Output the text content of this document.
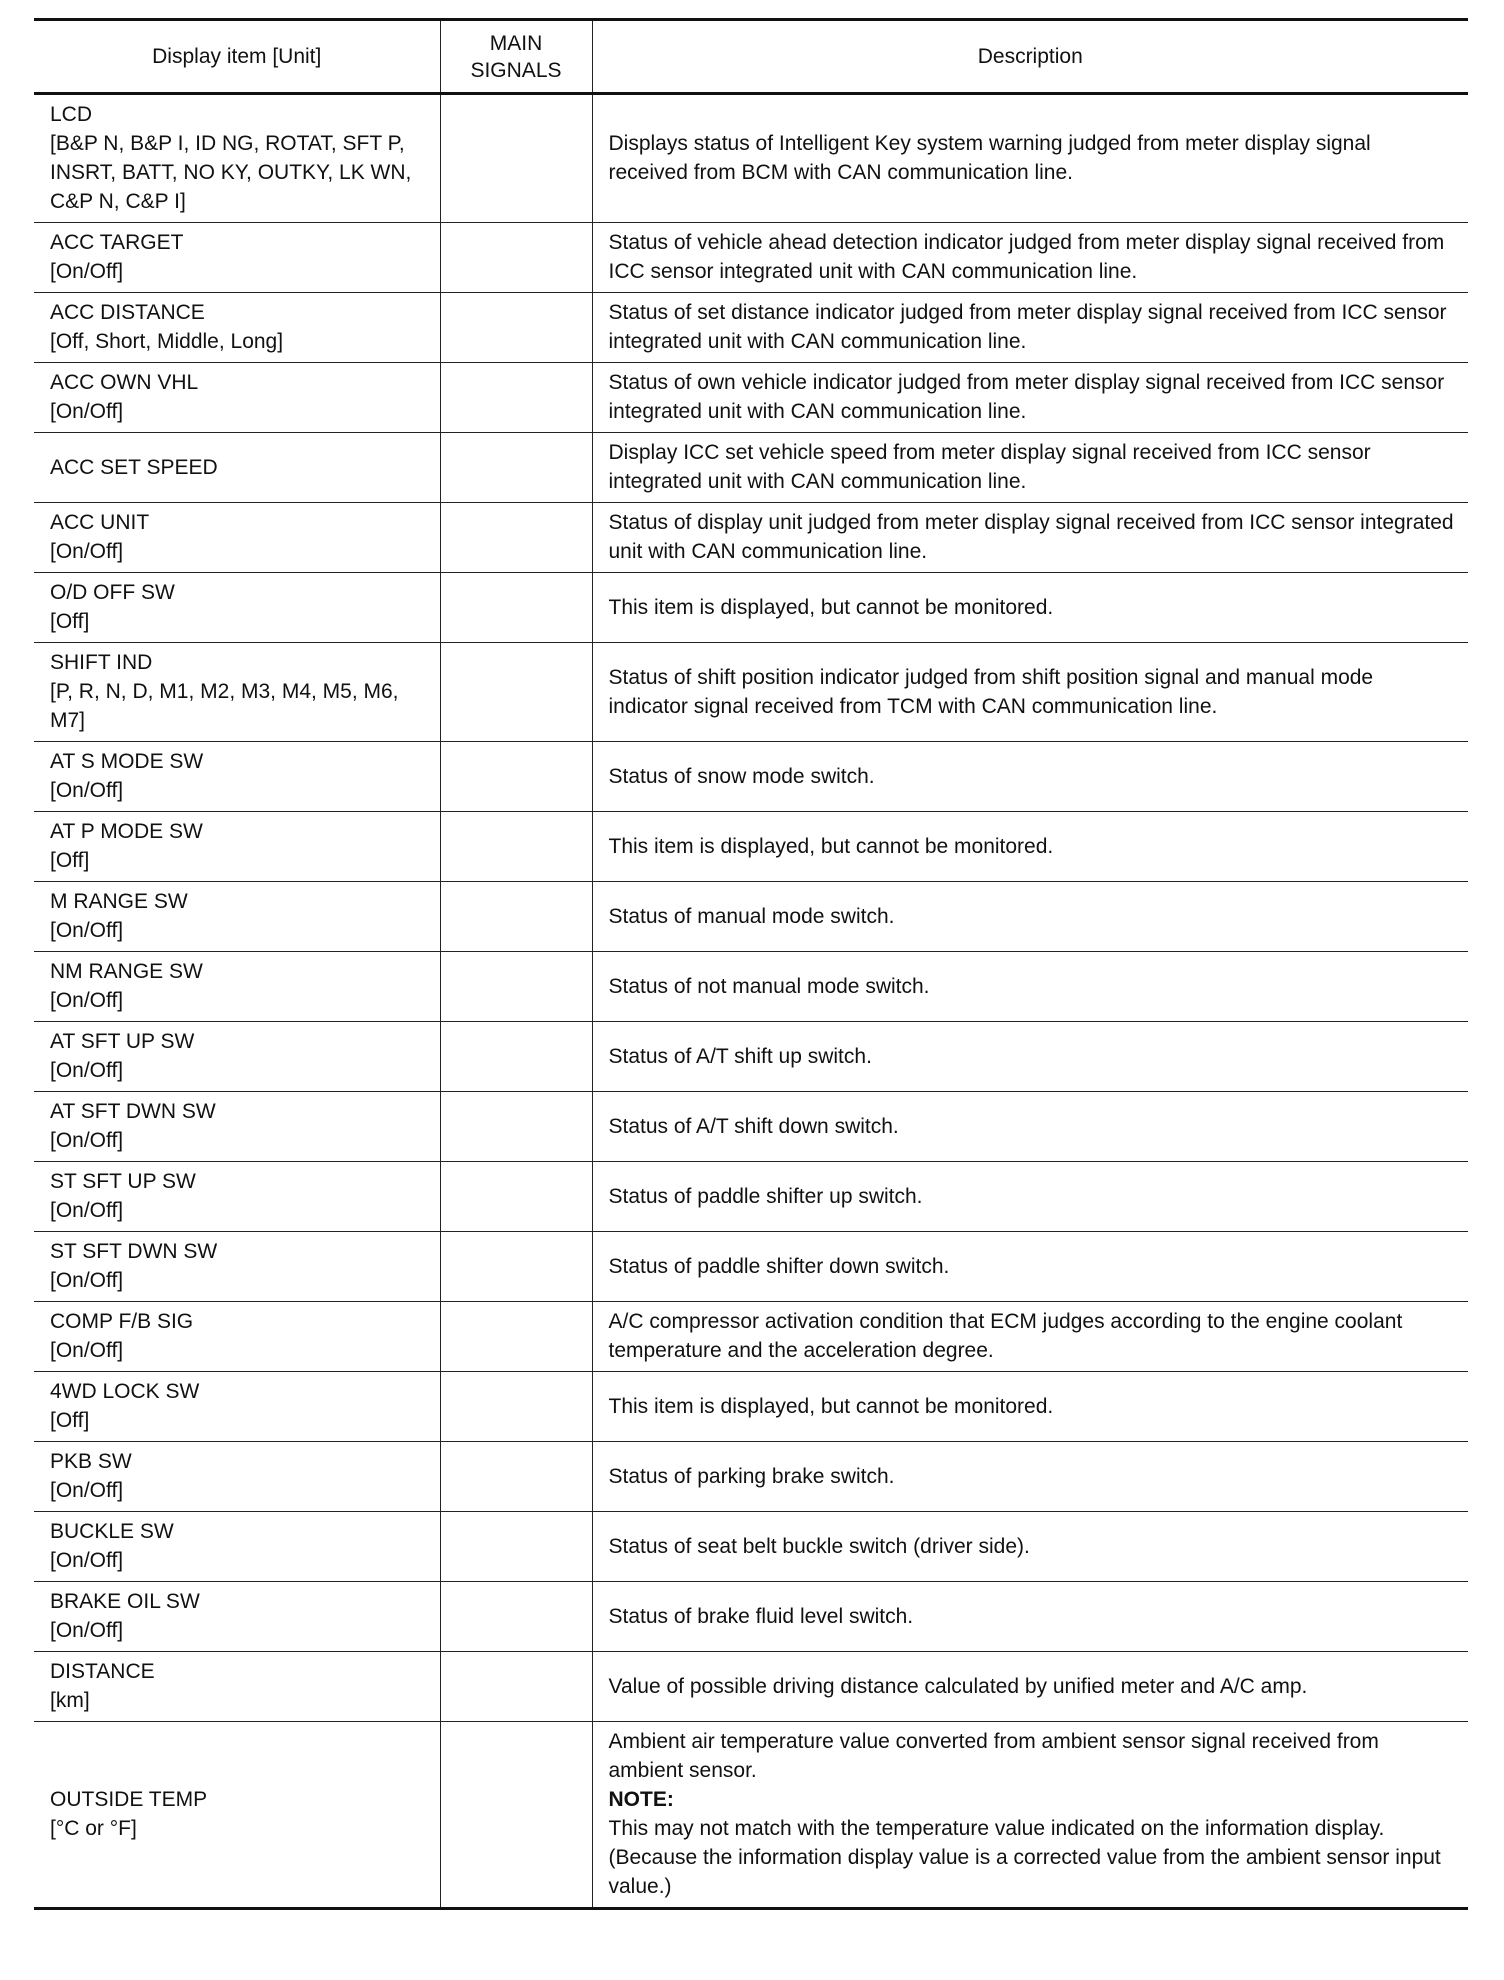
Display item [Unit]	MAIN
SIGNALS	Description

LCD
[B&P N, B&P I, ID NG, ROTAT, SFT P, INSRT, BATT, NO KY, OUTKY, LK WN, C&P N, C&P I]		Displays status of Intelligent Key system warning judged from meter display signal received from BCM with CAN communication line.

ACC TARGET
[On/Off]		Status of vehicle ahead detection indicator judged from meter display signal received from ICC sensor integrated unit with CAN communication line.

ACC DISTANCE
[Off, Short, Middle, Long]		Status of set distance indicator judged from meter display signal received from ICC sensor integrated unit with CAN communication line.

ACC OWN VHL
[On/Off]		Status of own vehicle indicator judged from meter display signal received from ICC sensor integrated unit with CAN communication line.

ACC SET SPEED		Display ICC set vehicle speed from meter display signal received from ICC sensor integrated unit with CAN communication line.

ACC UNIT
[On/Off]		Status of display unit judged from meter display signal received from ICC sensor integrated unit with CAN communication line.

O/D OFF SW
[Off]		This item is displayed, but cannot be monitored.

SHIFT IND
[P, R, N, D, M1, M2, M3, M4, M5, M6, M7]		Status of shift position indicator judged from shift position signal and manual mode indicator signal received from TCM with CAN communication line.

AT S MODE SW
[On/Off]		Status of snow mode switch.

AT P MODE SW
[Off]		This item is displayed, but cannot be monitored.

M RANGE SW
[On/Off]		Status of manual mode switch.

NM RANGE SW
[On/Off]		Status of not manual mode switch.

AT SFT UP SW
[On/Off]		Status of A/T shift up switch.

AT SFT DWN SW
[On/Off]		Status of A/T shift down switch.

ST SFT UP SW
[On/Off]		Status of paddle shifter up switch.

ST SFT DWN SW
[On/Off]		Status of paddle shifter down switch.

COMP F/B SIG
[On/Off]		A/C compressor activation condition that ECM judges according to the engine coolant temperature and the acceleration degree.

4WD LOCK SW
[Off]		This item is displayed, but cannot be monitored.

PKB SW
[On/Off]		Status of parking brake switch.

BUCKLE SW
[On/Off]		Status of seat belt buckle switch (driver side).

BRAKE OIL SW
[On/Off]		Status of brake fluid level switch.

DISTANCE
[km]		Value of possible driving distance calculated by unified meter and A/C amp.

OUTSIDE TEMP
[°C or °F]		Ambient air temperature value converted from ambient sensor signal received from ambient sensor.
NOTE:
This may not match with the temperature value indicated on the information display. (Because the information display value is a corrected value from the ambient sensor input value.)
